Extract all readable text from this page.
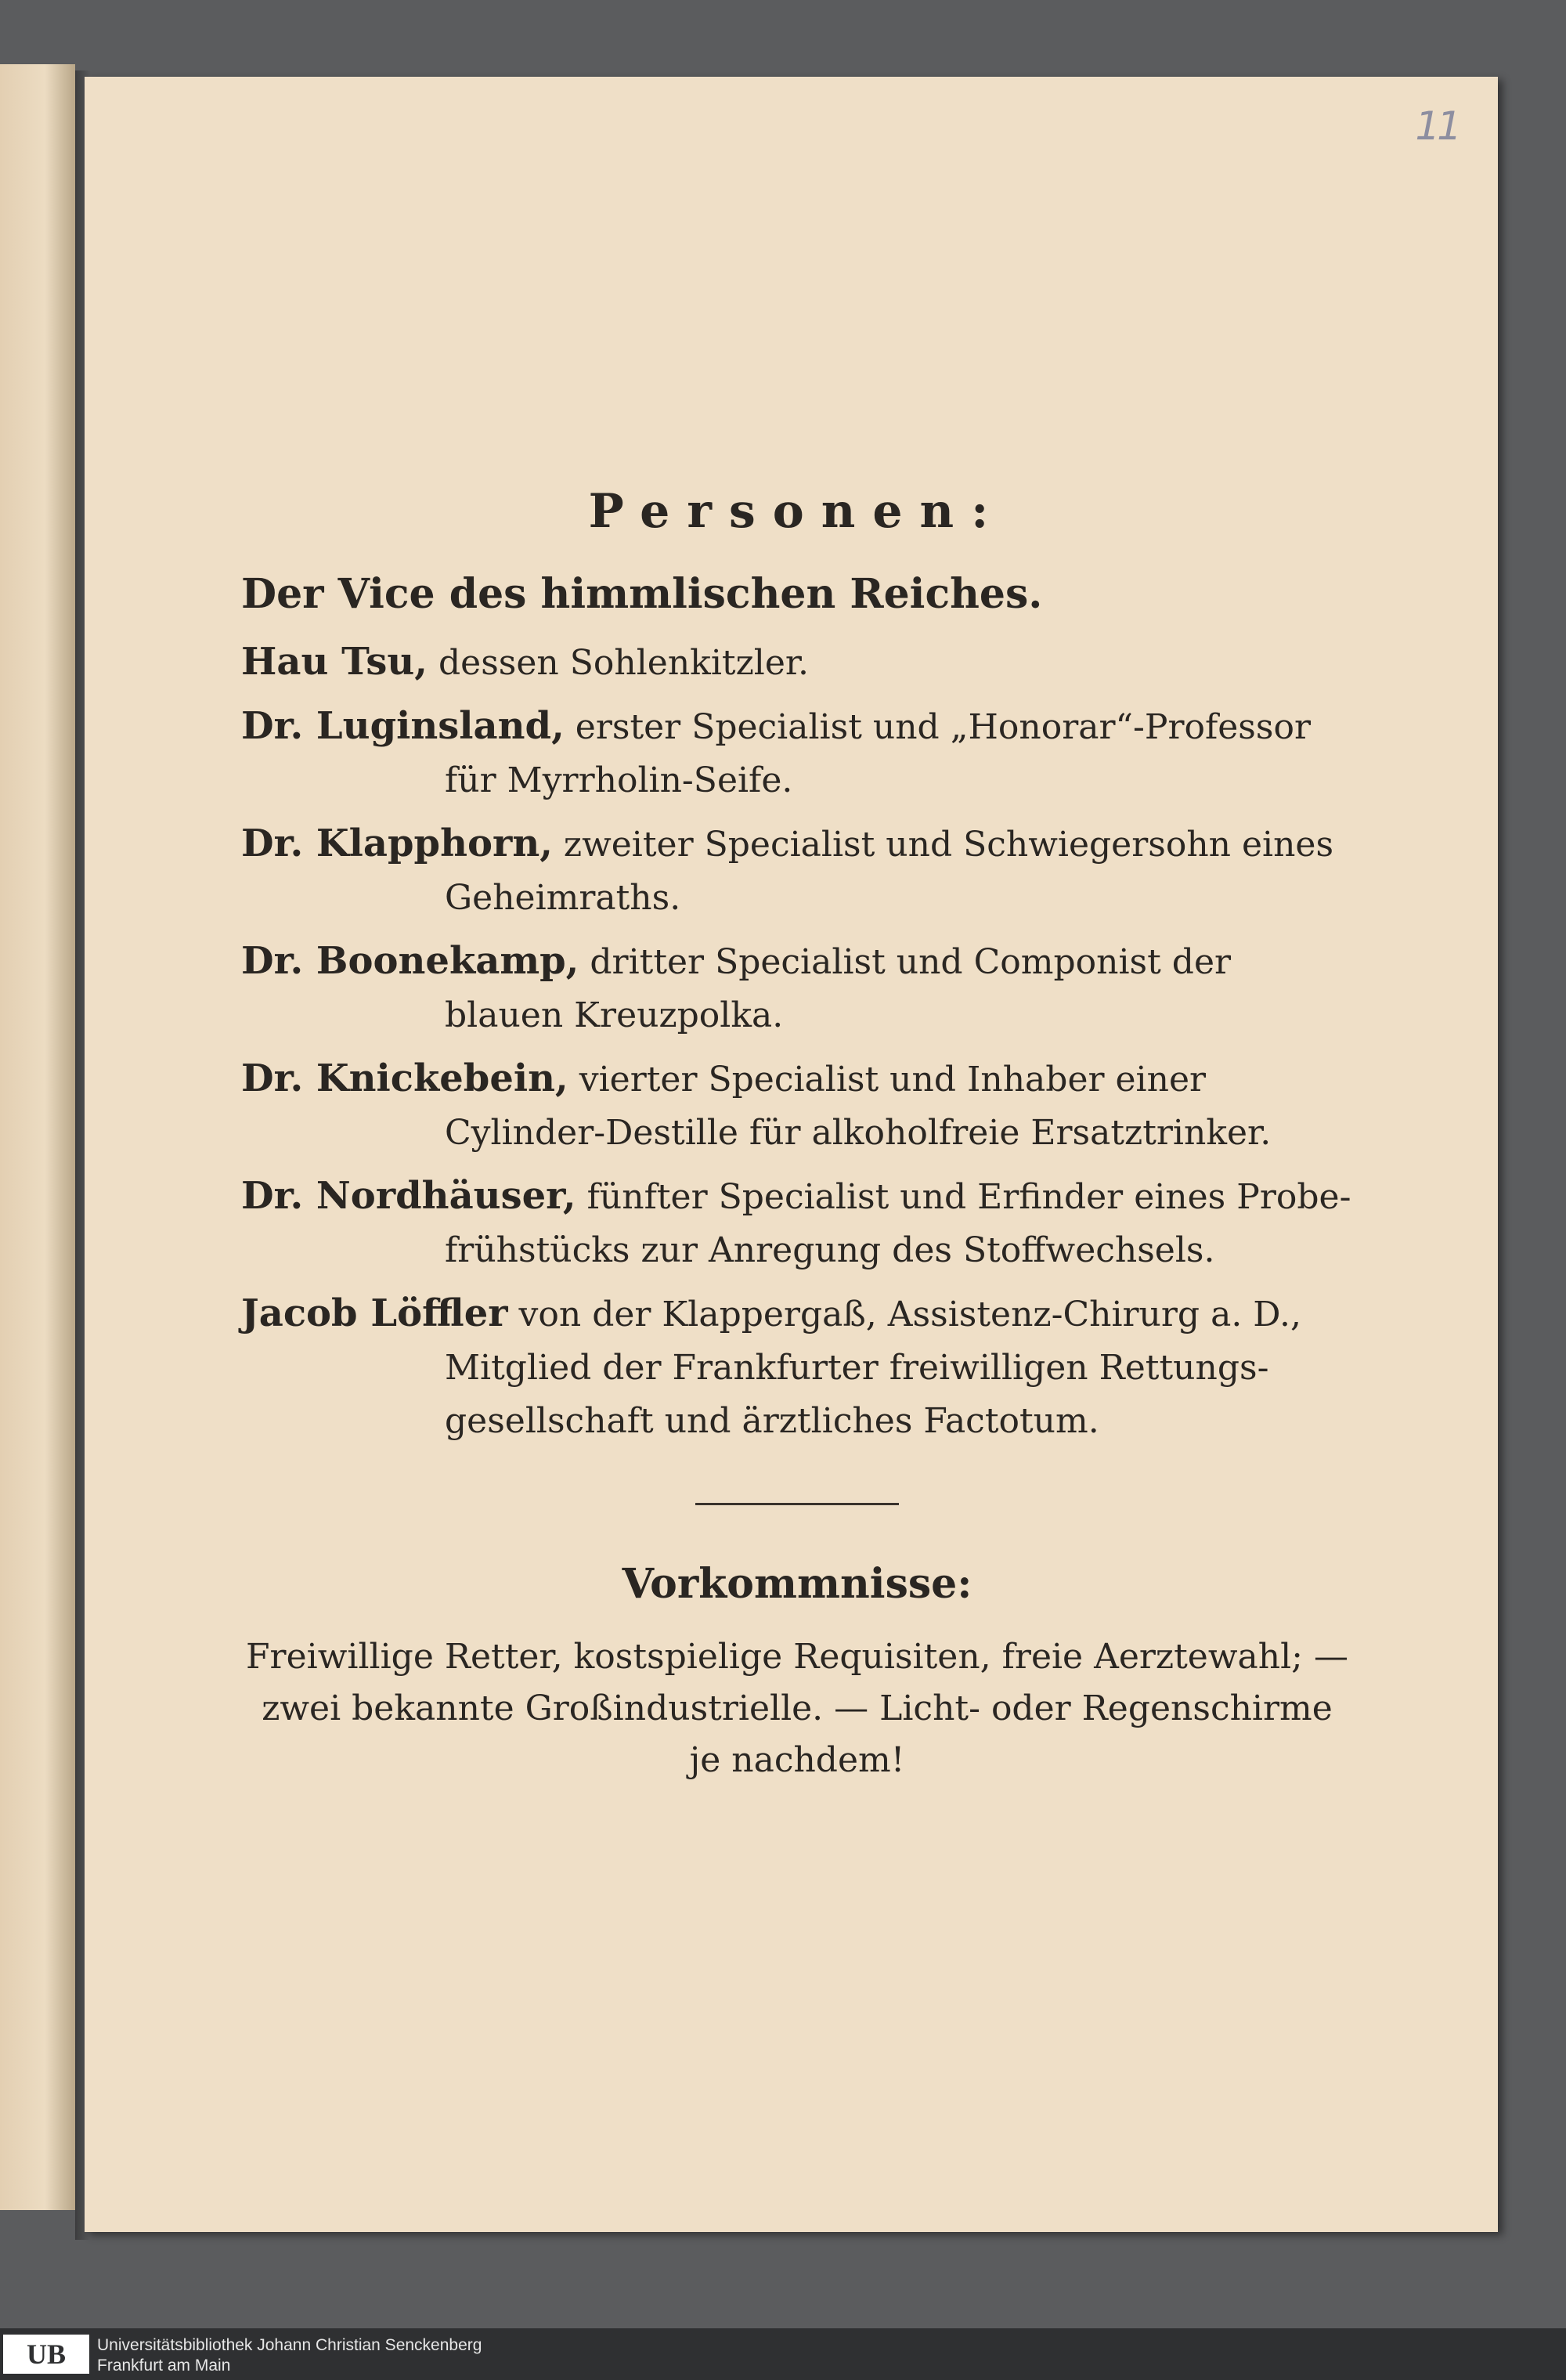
11
Personen:
Der Vice des himmlischen Reiches.
Hau Tsu, dessen Sohlenkitzler.
Dr. Luginsland, erster Specialist und „Honorar“-Professor für Myrrholin-Seife.
Dr. Klapphorn, zweiter Specialist und Schwiegersohn eines Geheimraths.
Dr. Boonekamp, dritter Specialist und Componist der blauen Kreuzpolka.
Dr. Knickebein, vierter Specialist und Inhaber einer Cylinder-Destille für alkoholfreie Ersatztrinker.
Dr. Nordhäuser, fünfter Specialist und Erfinder eines Probe-frühstücks zur Anregung des Stoffwechsels.
Jacob Löffler von der Klappergaß, Assistenz-Chirurg a. D., Mitglied der Frankfurter freiwilligen Rettungs-gesellschaft und ärztliches Factotum.
Vorkommnisse:

Freiwillige Retter, kostspielige Requisiten, freie Aerztewahl; — zwei bekannte Großindustrielle. — Licht- oder Regenschirme je nachdem!

UB	Universitätsbibliothek Johann Christian Senckenberg
Frankfurt am Main
